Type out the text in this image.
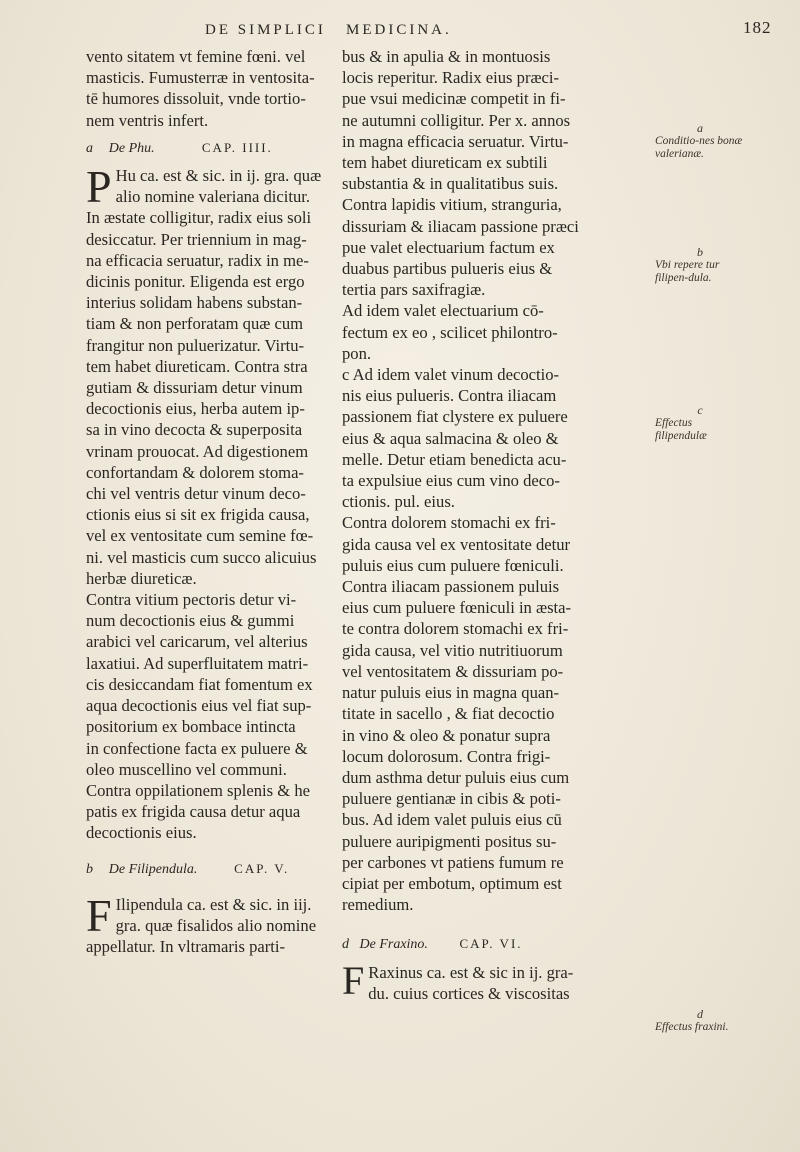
DE SIMPLICI MEDICINA.	182
vento sitatem vt femine fœni. vel
masticis. Fumusterræ in ventosita-
tē humores dissoluit, vnde tortio-
nem ventris infert.
a De Phu.	CAP. IIII.
P Hu ca. est & sic. in ij. gra. quæ
alio nomine valeriana dicitur.
In æstate colligitur, radix eius soli
desiccatur. Per triennium in mag-
na efficacia seruatur, radix in me-
dicinis ponitur. Eligenda est ergo
interius solidam habens substan-
tiam & non perforatam quæ cum
frangitur non puluerizatur. Virtu-
tem habet diureticam. Contra stra
gutiam & dissuriam detur vinum
decoctionis eius, herba autem ip-
sa in vino decocta & superposita
vrinam prouocat. Ad digestionem
confortandam & dolorem stoma-
chi vel ventris detur vinum deco-
ctionis eius si sit ex frigida causa,
vel ex ventositate cum semine fœ-
ni. vel masticis cum succo alicuius
herbæ diureticæ.
Contra vitium pectoris detur vi-
num decoctionis eius & gummi
arabici vel caricarum, vel alterius
laxatiui. Ad superfluitatem matri-
cis desiccandam fiat fomentum ex
aqua decoctionis eius vel fiat sup-
positorium ex bombace intincta
in confectione facta ex puluere &
oleo muscellino vel communi.
Contra oppilationem splenis & he
patis ex frigida causa detur aqua
decoctionis eius.
b De Filipendula.	CAP. V.
F Ilipendula ca. est & sic. in iij.
gra. quæ fisalidos alio nomine
appellatur. In vltramaris parti-
bus & in apulia & in montuosis
locis reperitur. Radix eius præci-
pue vsui medicinæ competit in fi-
ne autumni colligitur. Per x. annos
in magna efficacia seruatur. Virtu-
tem habet diureticam ex subtili
substantia & in qualitatibus suis.
Contra lapidis vitium, stranguria,
dissuriam & iliacam passione præci
pue valet electuarium factum ex
duabus partibus pulueris eius &
tertia pars saxifragiæ.
Ad idem valet electuarium cō-
fectum ex eo , scilicet philontro-
pon.
c Ad idem valet vinum decoctio-
nis eius pulueris. Contra iliacam
passionem fiat clystere ex puluere
eius & aqua salmacina & oleo &
melle. Detur etiam benedicta acu-
ta expulsiue eius cum vino deco-
ctionis. pul. eius.
Contra dolorem stomachi ex fri-
gida causa vel ex ventositate detur
puluis eius cum puluere fœniculi.
Contra iliacam passionem puluis
eius cum puluere fœniculi in æsta-
te contra dolorem stomachi ex fri-
gida causa, vel vitio nutritiuorum
vel ventositatem & dissuriam po-
natur puluis eius in magna quan-
titate in sacello , & fiat decoctio
in vino & oleo & ponatur supra
locum dolorosum. Contra frigi-
dum asthma detur puluis eius cum
puluere gentianæ in cibis & poti-
bus. Ad idem valet puluis eius cū
puluere auripigmenti positus su-
per carbones vt patiens fumum re
cipiat per embotum, optimum est
remedium.
d De Fraxino. CAP. VI.
F Raxinus ca. est & sic in ij. gra-
du. cuius cortices & viscositas
a
Conditio-nes bonæ valerianæ.
b
Vbi repere tur filipen-dula.
c
Effectus filipendulæ
d
Effectus fraxini.
